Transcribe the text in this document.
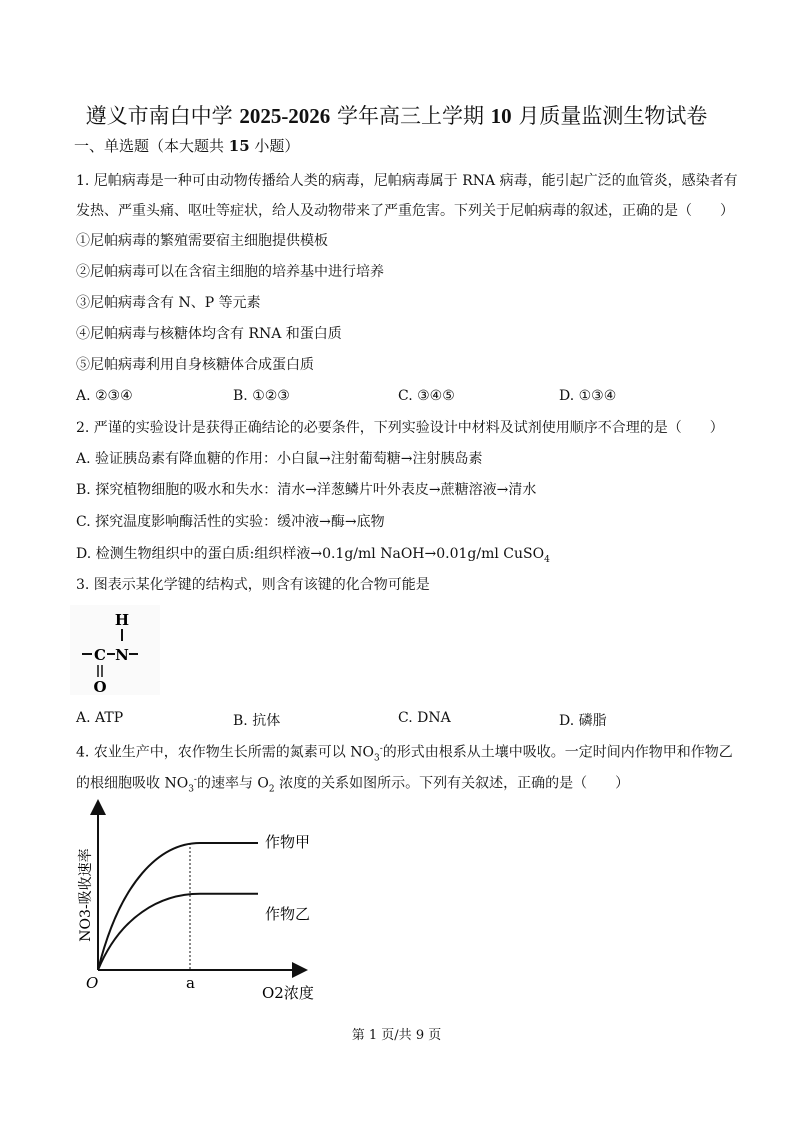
遵义市南白中学 2025-2026 学年高三上学期 10 月质量监测生物试卷
一、单选题（本大题共 15 小题）
1. 尼帕病毒是一种可由动物传播给人类的病毒，尼帕病毒属于 RNA 病毒，能引起广泛的血管炎，感染者有
发热、严重头痛、呕吐等症状，给人及动物带来了严重危害。下列关于尼帕病毒的叙述，正确的是（　　）
①尼帕病毒的繁殖需要宿主细胞提供模板
②尼帕病毒可以在含宿主细胞的培养基中进行培养
③尼帕病毒含有 N、P 等元素
④尼帕病毒与核糖体均含有 RNA 和蛋白质
⑤尼帕病毒利用自身核糖体合成蛋白质
A. ②③④	B. ①②③	C. ③④⑤	D. ①③④
2. 严谨的实验设计是获得正确结论的必要条件，下列实验设计中材料及试剂使用顺序不合理的是（　　）
A. 验证胰岛素有降血糖的作用：小白鼠→注射葡萄糖→注射胰岛素
B. 探究植物细胞的吸水和失水：清水→洋葱鳞片叶外表皮→蔗糖溶液→清水
C. 探究温度影响酶活性的实验：缓冲液→酶→底物
D. 检测生物组织中的蛋白质:组织样液→0.1g/ml NaOH→0.01g/ml CuSO$_4$
3. 图表示某化学键的结构式，则含有该键的化合物可能是
H
C N
O
A. ATP	B. 抗体	C. DNA	D. 磷脂
4. 农业生产中，农作物生长所需的氮素可以 $NO_3^-$的形式由根系从土壤中吸收。一定时间内作物甲和作物乙
的根细胞吸收 $NO_3^-$的速率与 $O_2$ 浓度的关系如图所示。下列有关叙述，正确的是（　　）
作物甲
作物乙
O	a
O2浓度
NO3-吸收速率
第 1 页/共 9 页
